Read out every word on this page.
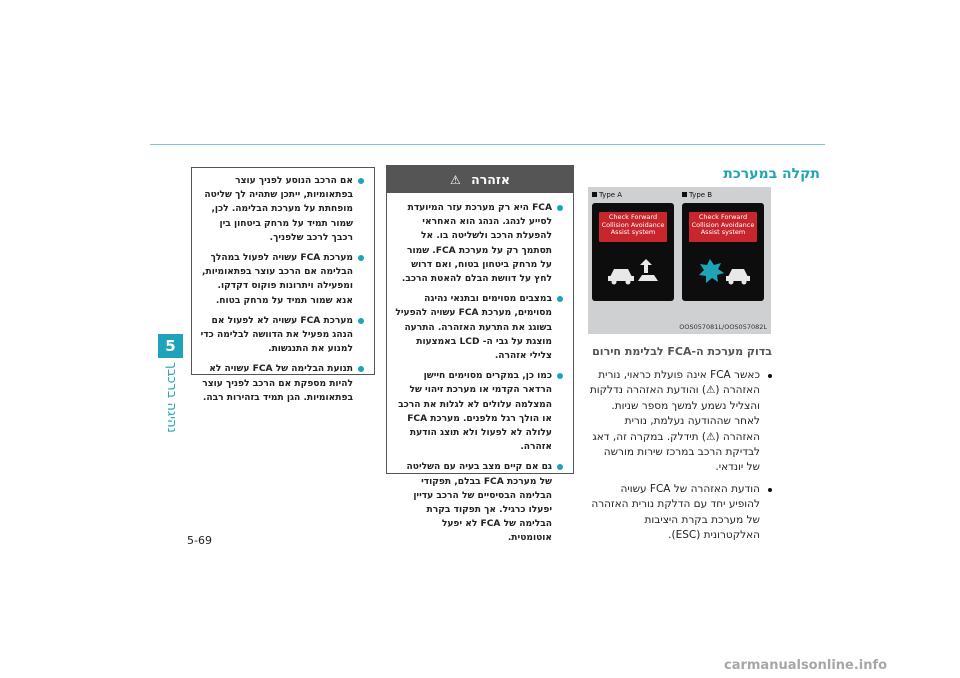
5
נהיגה ברכבך
5-69
carmanualsonline.info
תקלה במערכת
Type A	Type B
Check Forward Collision Avoidance Assist system
Check Forward Collision Avoidance Assist system
OOS057081L/OOS057082L
בדוק מערכת ה-FCA לבלימת חירום
כאשר FCA אינה פועלת כראוי, נורית האזהרה (⚠) והודעת האזהרה נדלקות והצליל נשמע למשך מספר שניות. לאחר שההודעה נעלמת, נורית האזהרה (⚠) תידלק. במקרה זה, דאג לבדיקת הרכב במרכז שירות מורשה של יונדאי.
הודעת האזהרה של FCA עשויה להופיע יחד עם הדלקת נורית האזהרה של מערכת בקרת היציבות האלקטרונית (ESC).
אזהרה ⚠
FCA היא רק מערכת עזר המיועדת לסייע לנהג. הנהג הוא האחראי להפעלת הרכב ולשליטה בו. אל תסתמך רק על מערכת FCA. שמור על מרחק ביטחון בטוח, ואם דרוש לחץ על דוושת הבלם להאטת הרכב.
במצבים מסוימים ובתנאי נהיגה מסוימים, מערכת FCA עשויה להפעיל בשוגג את התרעת האזהרה. התרעה מוצגת על גבי ה- LCD באמצעות צלילי אזהרה.
כמו כן, במקרים מסוימים חיישן הרדאר הקדמי או מערכת זיהוי של המצלמה עלולים לא לגלות את הרכב או הולך רגל מלפנים. מערכת FCA עלולה לא לפעול ולא תוצג הודעת אזהרה.
גם אם קיים מצב בעיה עם השליטה של מערכת FCA בבלם, תפקודי הבלימה הבסיסיים של הרכב עדיין יפעלו כרגיל. אך תפקוד בקרת הבלימה של FCA לא יפעל אוטומטית.
אם הרכב הנוסע לפניך עוצר בפתאומיות, ייתכן שתהיה לך שליטה מופחתת על מערכת הבלימה. לכן, שמור תמיד על מרחק ביטחון בין רכבך לרכב שלפניך.
מערכת FCA עשויה לפעול במהלך הבלימה אם הרכב עוצר בפתאומיות, ומפעילה ויתרונות פוקוס דקדקו. אנא שמור תמיד על מרחק בטוח.
מערכת FCA עשויה לא לפעול אם הנהג מפעיל את הדוושה לבלימה כדי למנוע את התנגשות.
תנועת הבלימה של FCA עשויה לא להיות מספקת אם הרכב לפניך עוצר בפתאומיות. הגן תמיד בזהירות רבה.
